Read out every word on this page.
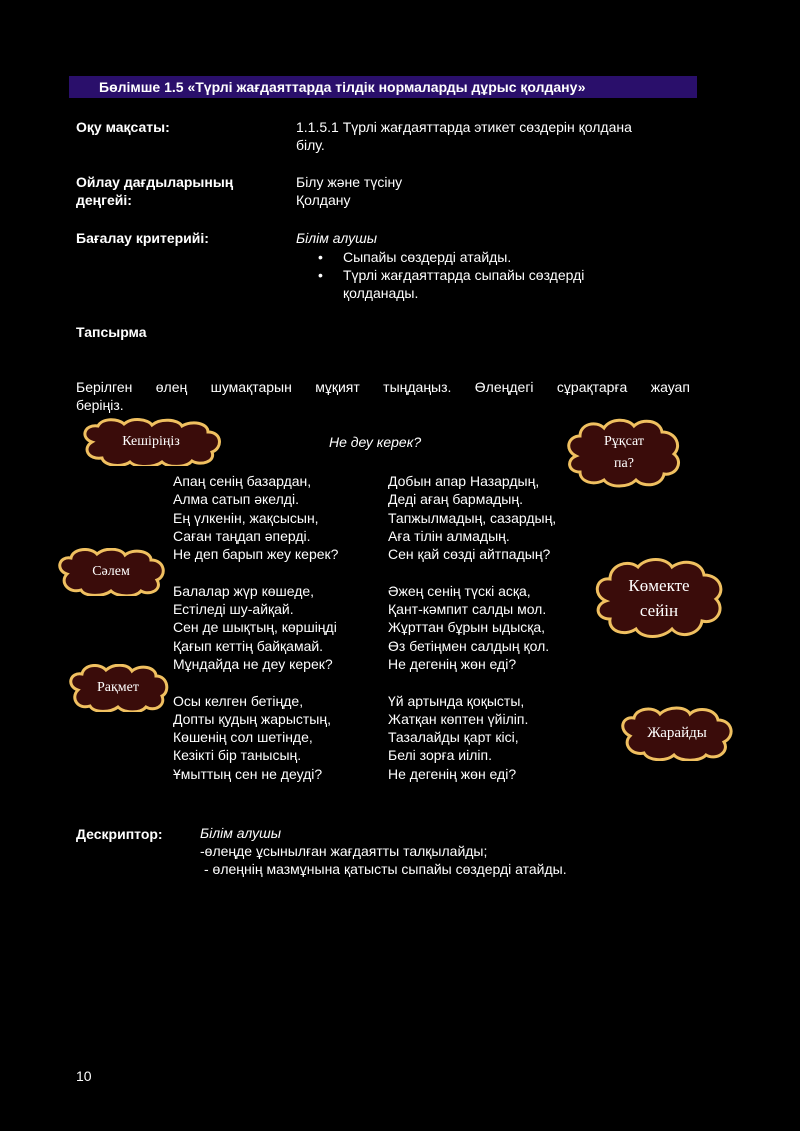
Бөлімше 1.5 «Түрлі жағдаяттарда тілдік нормаларды дұрыс қолдану»
Оқу мақсаты:	1.1.5.1 Түрлі жағдаяттарда этикет сөздерін қолдана
білу.
Ойлау дағдыларының
деңгейі:
Білу және түсіну
Қолдану
Бағалау критерийі:	Білім алушы
• Сыпайы сөздерді атайды.
• Түрлі жағдаяттарда сыпайы сөздерді
қолданады.
Тапсырма
Берілген өлең шумақтарын мұқият тыңдаңыз. Өлеңдегі сұрақтарға жауап
беріңіз.
Не деу керек?
Апаң сенің базардан,
Алма сатып әкелді.
Ең үлкенін, жақсысын,
Саған таңдап әперді.
Не деп барып жеу керек?
Балалар жүр көшеде,
Естіледі шу-айқай.
Сен де шықтың, көршіңді
Қағып кеттің байқамай.
Мұндайда не деу керек?
Осы келген бетіңде,
Допты қудың жарыстың,
Көшенің сол шетінде,
Кезікті бір танысың.
Ұмыттың сен не деуді?
Добын апар Назардың,
Деді ағаң бармадың.
Тапжылмадың, сазардың,
Аға тілін алмадың.
Сен қай сөзді айтпадың?
Әжең сенің түскі асқа,
Қант-кәмпит салды мол.
Жұрттан бұрын ыдысқа,
Өз бетіңмен салдың қол.
Не дегенің жөн еді?
Үй артында қоқысты,
Жатқан көптен үйіліп.
Тазалайды қарт кісі,
Белі зорға иіліп.
Не дегенің жөн еді?
Кешіріңіз	Рұқсат
па?
Сәлем
Көмекте
сейін
Рақмет
Жарайды
Дескриптор:	Білім алушы
-өлеңде ұсынылған жағдаятты талқылайды;
- өлеңнің мазмұнына қатысты сыпайы сөздерді атайды.
10
